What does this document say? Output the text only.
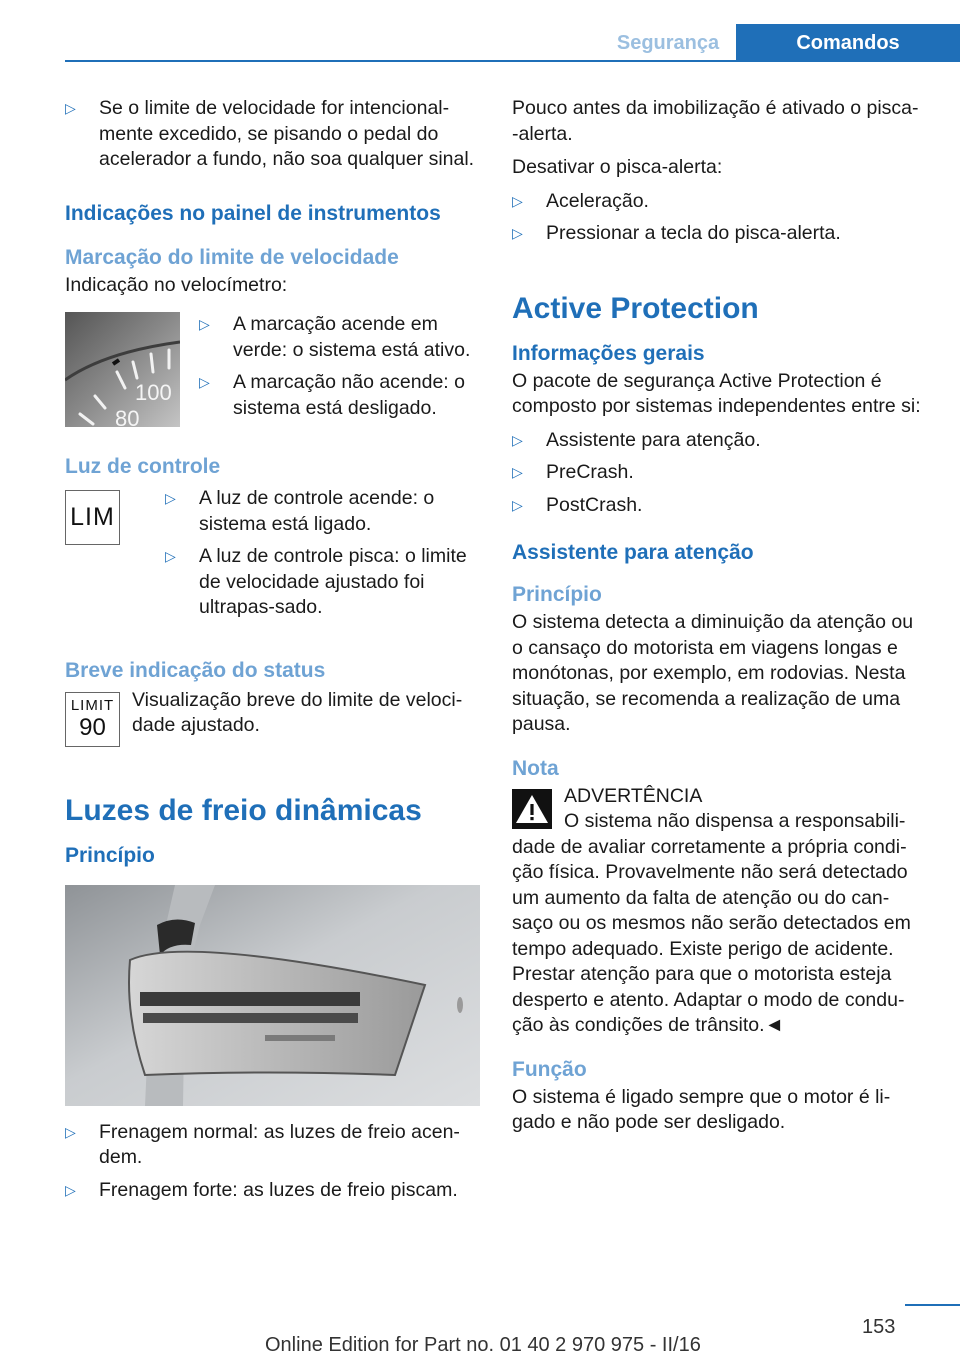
Segurança	Comandos
▷	Se o limite de velocidade for intencional-mente excedido, se pisando o pedal do acelerador a fundo, não soa qualquer sinal.
Indicações no painel de instrumentos
Marcação do limite de velocidade
Indicação no velocímetro:
100
80
▷	A marcação acende em verde: o sistema está ativo.
▷	A marcação não acende: o sistema está desligado.
Luz de controle
LIM
▷	A luz de controle acende: o sistema está ligado.
▷	A luz de controle pisca: o limite de velocidade ajustado foi ultrapas-sado.
Breve indicação do status
LIMIT
90
Visualização breve do limite de veloci-dade ajustado.
Luzes de freio dinâmicas
Princípio
▷	Frenagem normal: as luzes de freio acen-dem.
▷	Frenagem forte: as luzes de freio piscam.
Pouco antes da imobilização é ativado o pisca--alerta.
Desativar o pisca-alerta:
▷	Aceleração.
▷	Pressionar a tecla do pisca-alerta.
Active Protection
Informações gerais
O pacote de segurança Active Protection é composto por sistemas independentes entre si:
▷	Assistente para atenção.
▷	PreCrash.
▷	PostCrash.
Assistente para atenção
Princípio
O sistema detecta a diminuição da atenção ou o cansaço do motorista em viagens longas e monótonas, por exemplo, em rodovias. Nesta situação, se recomenda a realização de uma pausa.
Nota
ADVERTÊNCIA
O sistema não dispensa a responsabili-
dade de avaliar corretamente a própria condi-ção física. Provavelmente não será detectado um aumento da falta de atenção ou do can-saço ou os mesmos não serão detectados em tempo adequado. Existe perigo de acidente. Prestar atenção para que o motorista esteja desperto e atento. Adaptar o modo de condu-ção às condições de trânsito.◄
Função
O sistema é ligado sempre que o motor é li-gado e não pode ser desligado.
153
Online Edition for Part no. 01 40 2 970 975 - II/16
